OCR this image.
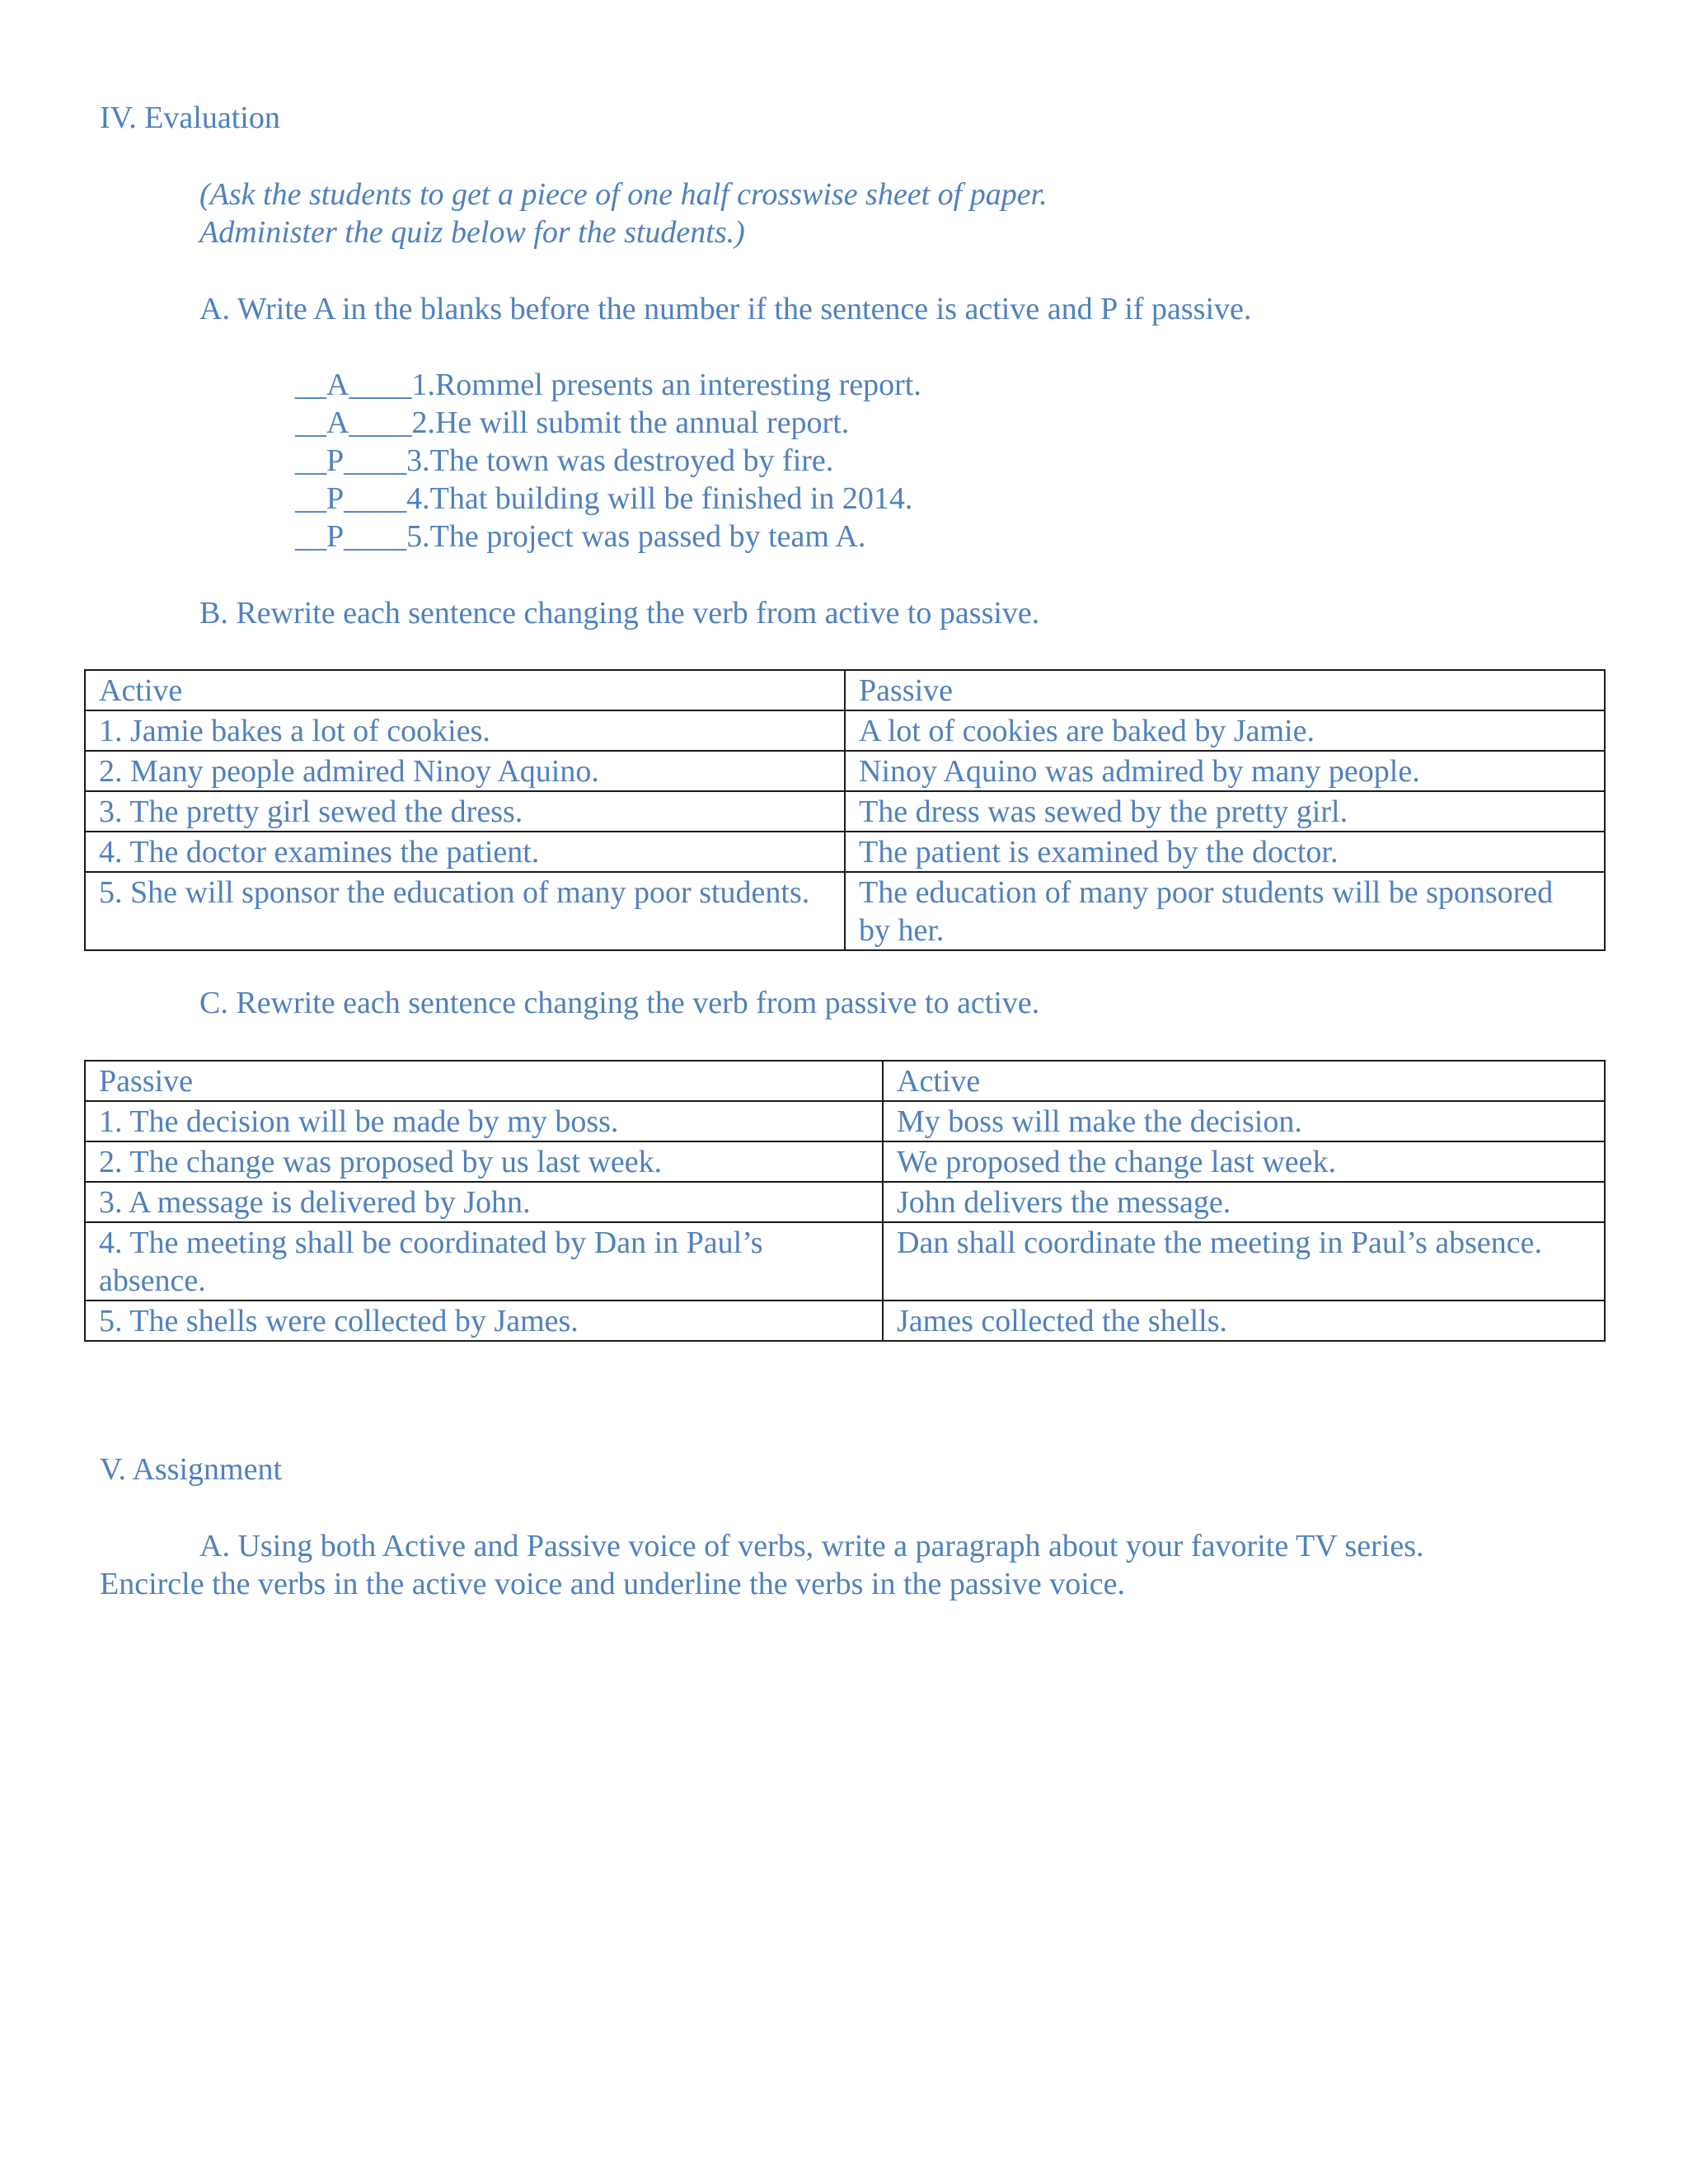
IV. Evaluation
(Ask the students to get a piece of one half crosswise sheet of paper.
Administer the quiz below for the students.)
A. Write A in the blanks before the number if the sentence is active and P if passive.
__A____1.Rommel presents an interesting report.
__A____2.He will submit the annual report.
__P____3.The town was destroyed by fire.
__P____4.That building will be finished in 2014.
__P____5.The project was passed by team A.
B. Rewrite each sentence changing the verb from active to passive.
Active	Passive
1. Jamie bakes a lot of cookies.	A lot of cookies are baked by Jamie.
2. Many people admired Ninoy Aquino.	Ninoy Aquino was admired by many people.
3. The pretty girl sewed the dress.	The dress was sewed by the pretty girl.
4. The doctor examines the patient.	The patient is examined by the doctor.
5. She will sponsor the education of many poor students.	The education of many poor students will be sponsored by her.
C. Rewrite each sentence changing the verb from passive to active.
Passive	Active
1. The decision will be made by my boss.	My boss will make the decision.
2. The change was proposed by us last week.	We proposed the change last week.
3. A message is delivered by John.	John delivers the message.
4. The meeting shall be coordinated by Dan in Paul’s absence.	Dan shall coordinate the meeting in Paul’s absence.
5. The shells were collected by James.	James collected the shells.
V. Assignment
A. Using both Active and Passive voice of verbs, write a paragraph about your favorite TV series.
Encircle the verbs in the active voice and underline the verbs in the passive voice.
